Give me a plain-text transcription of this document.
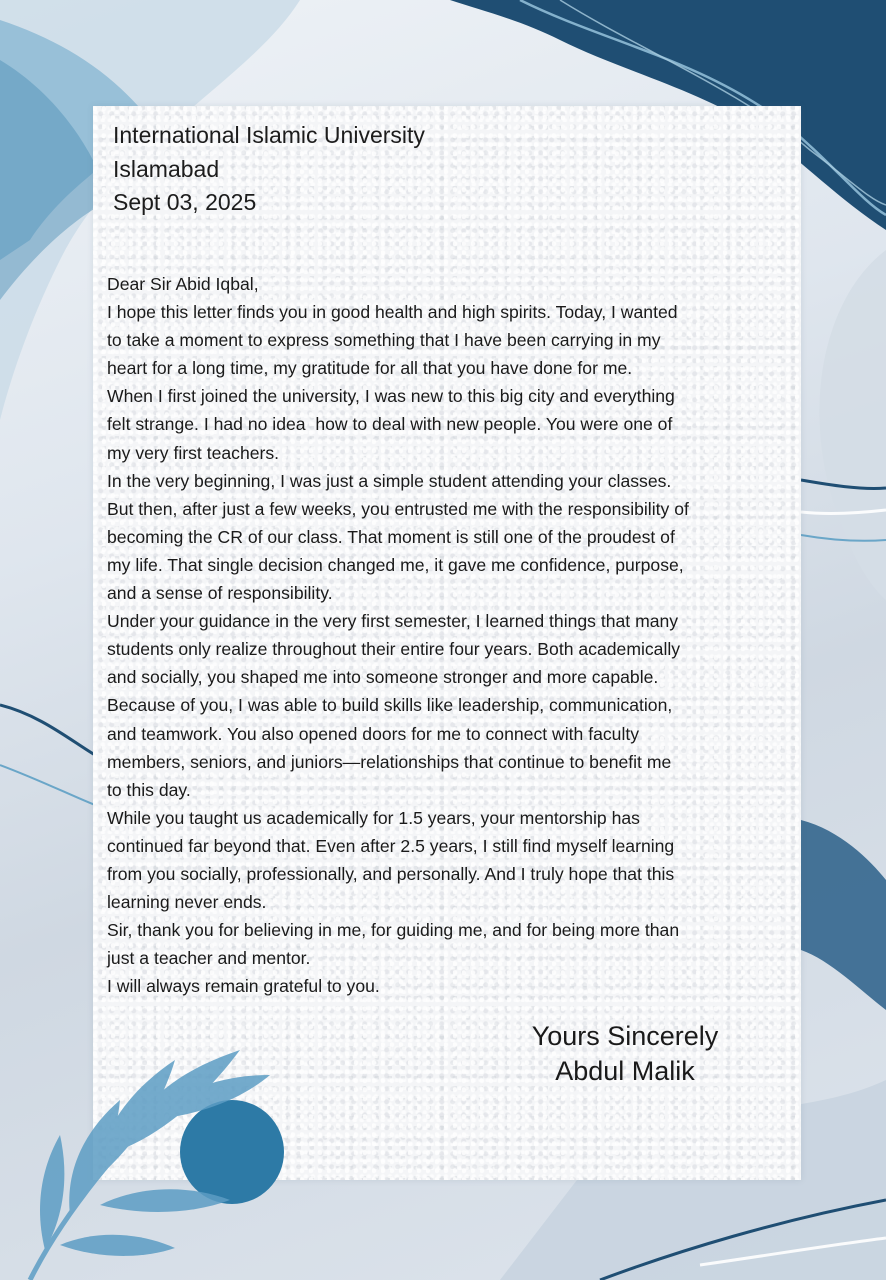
International Islamic University

Islamabad

Sept 03, 2025

Dear Sir Abid Iqbal,

I hope this letter finds you in good health and high spirits. Today, I wanted
to take a moment to express something that I have been carrying in my
heart for a long time, my gratitude for all that you have done for me.

When I first joined the university, I was new to this big city and everything
felt strange. I had no idea  how to deal with new people. You were one of
my very first teachers.

In the very beginning, I was just a simple student attending your classes.
But then, after just a few weeks, you entrusted me with the responsibility of
becoming the CR of our class. That moment is still one of the proudest of
my life. That single decision changed me, it gave me confidence, purpose,
and a sense of responsibility.

Under your guidance in the very first semester, I learned things that many
students only realize throughout their entire four years. Both academically
and socially, you shaped me into someone stronger and more capable.
Because of you, I was able to build skills like leadership, communication,
and teamwork. You also opened doors for me to connect with faculty
members, seniors, and juniors—relationships that continue to benefit me
to this day.

While you taught us academically for 1.5 years, your mentorship has
continued far beyond that. Even after 2.5 years, I still find myself learning
from you socially, professionally, and personally. And I truly hope that this
learning never ends.

Sir, thank you for believing in me, for guiding me, and for being more than
just a teacher and mentor.

I will always remain grateful to you.

Yours Sincerely

Abdul Malik
